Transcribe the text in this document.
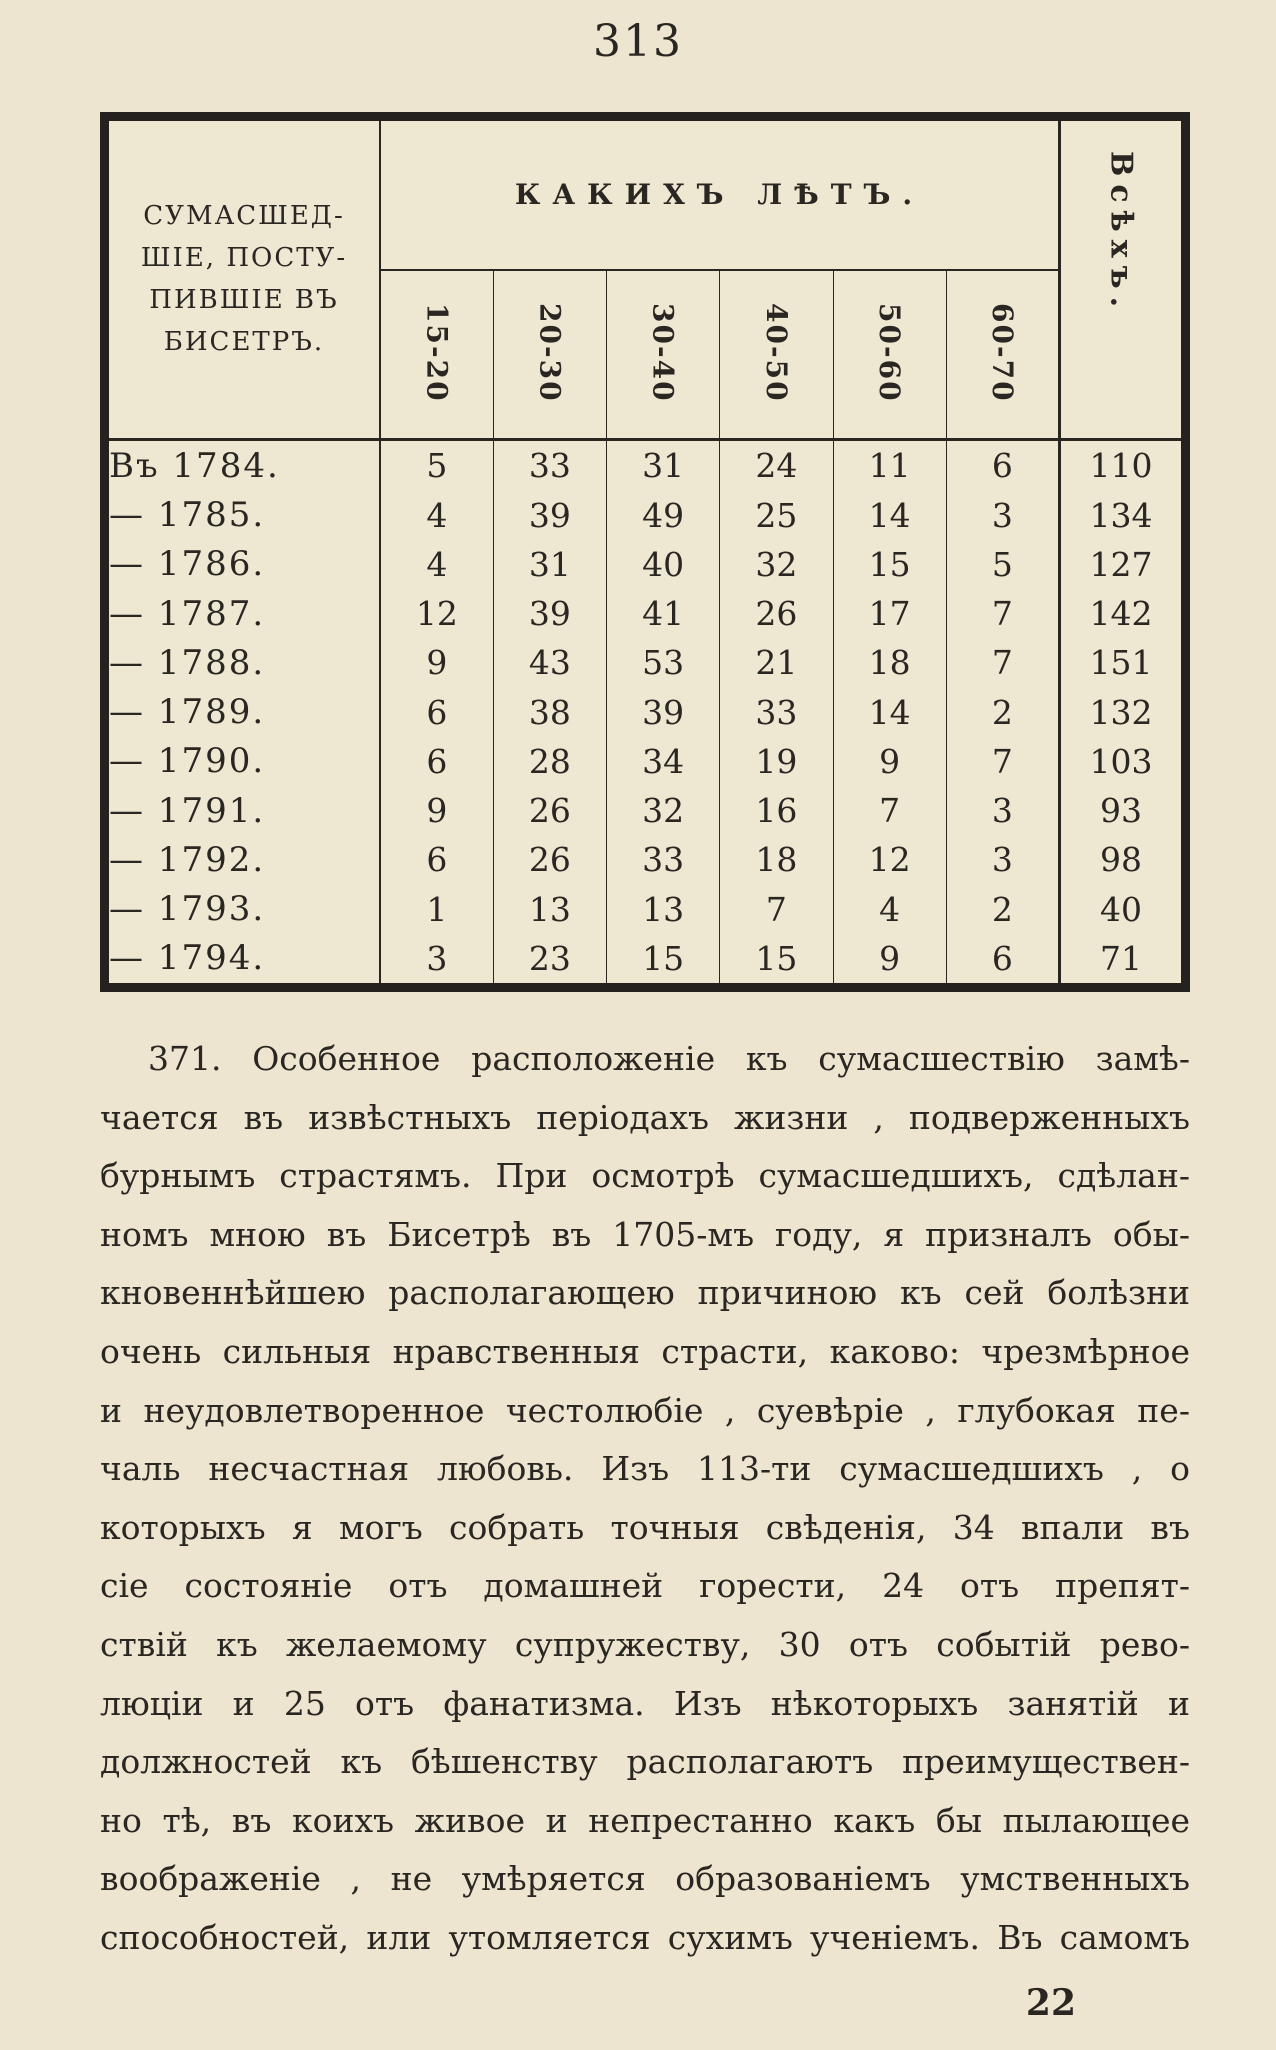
313
СУМАСШЕД-
ШIЕ, ПОСТУ-
ПИВШIЕ ВЪ
БИСЕТРЪ.	КАКИХЪ ЛѢТЪ.						Всѣхъ.
	15-20	20-30	30-40	40-50	50-60	60-70	
Въ 1784.	5	33	31	24	11	6	110
— 1785.	4	39	49	25	14	3	134
— 1786.	4	31	40	32	15	5	127
— 1787.	12	39	41	26	17	7	142
— 1788.	9	43	53	21	18	7	151
— 1789.	6	38	39	33	14	2	132
— 1790.	6	28	34	19	9	7	103
— 1791.	9	26	32	16	7	3	93
— 1792.	6	26	33	18	12	3	98
— 1793.	1	13	13	7	4	2	40
— 1794.	3	23	15	15	9	6	71
371. Особенное расположенiе къ сумасшествiю замѣ-
чается въ извѣстныхъ перiодахъ жизни , подверженныхъ
бурнымъ страстямъ. При осмотрѣ сумасшедшихъ, сдѣлан-
номъ мною въ Бисетрѣ въ 1705-мъ году, я призналъ обы-
кновеннѣйшею располагающею причиною къ сей болѣзни
очень сильныя нравственныя страсти, каково: чрезмѣрное
и неудовлетворенное честолюбiе , суевѣрiе , глубокая пе-
чаль несчастная любовь. Изъ 113-ти сумасшедшихъ , о
которыхъ я могъ собрать точныя свѣденiя, 34 впали въ
сiе состоянiе отъ домашней горести, 24 отъ препят-
ствiй къ желаемому супружеству, 30 отъ событiй рево-
люцiи и 25 отъ фанатизма. Изъ нѣкоторыхъ занятiй и
должностей къ бѣшенству располагаютъ преимуществен-
но тѣ, въ коихъ живое и непрестанно какъ бы пылающее
воображенiе , не умѣряется образованiемъ умственныхъ
способностей, или утомляется сухимъ ученiемъ. Въ самомъ
22
